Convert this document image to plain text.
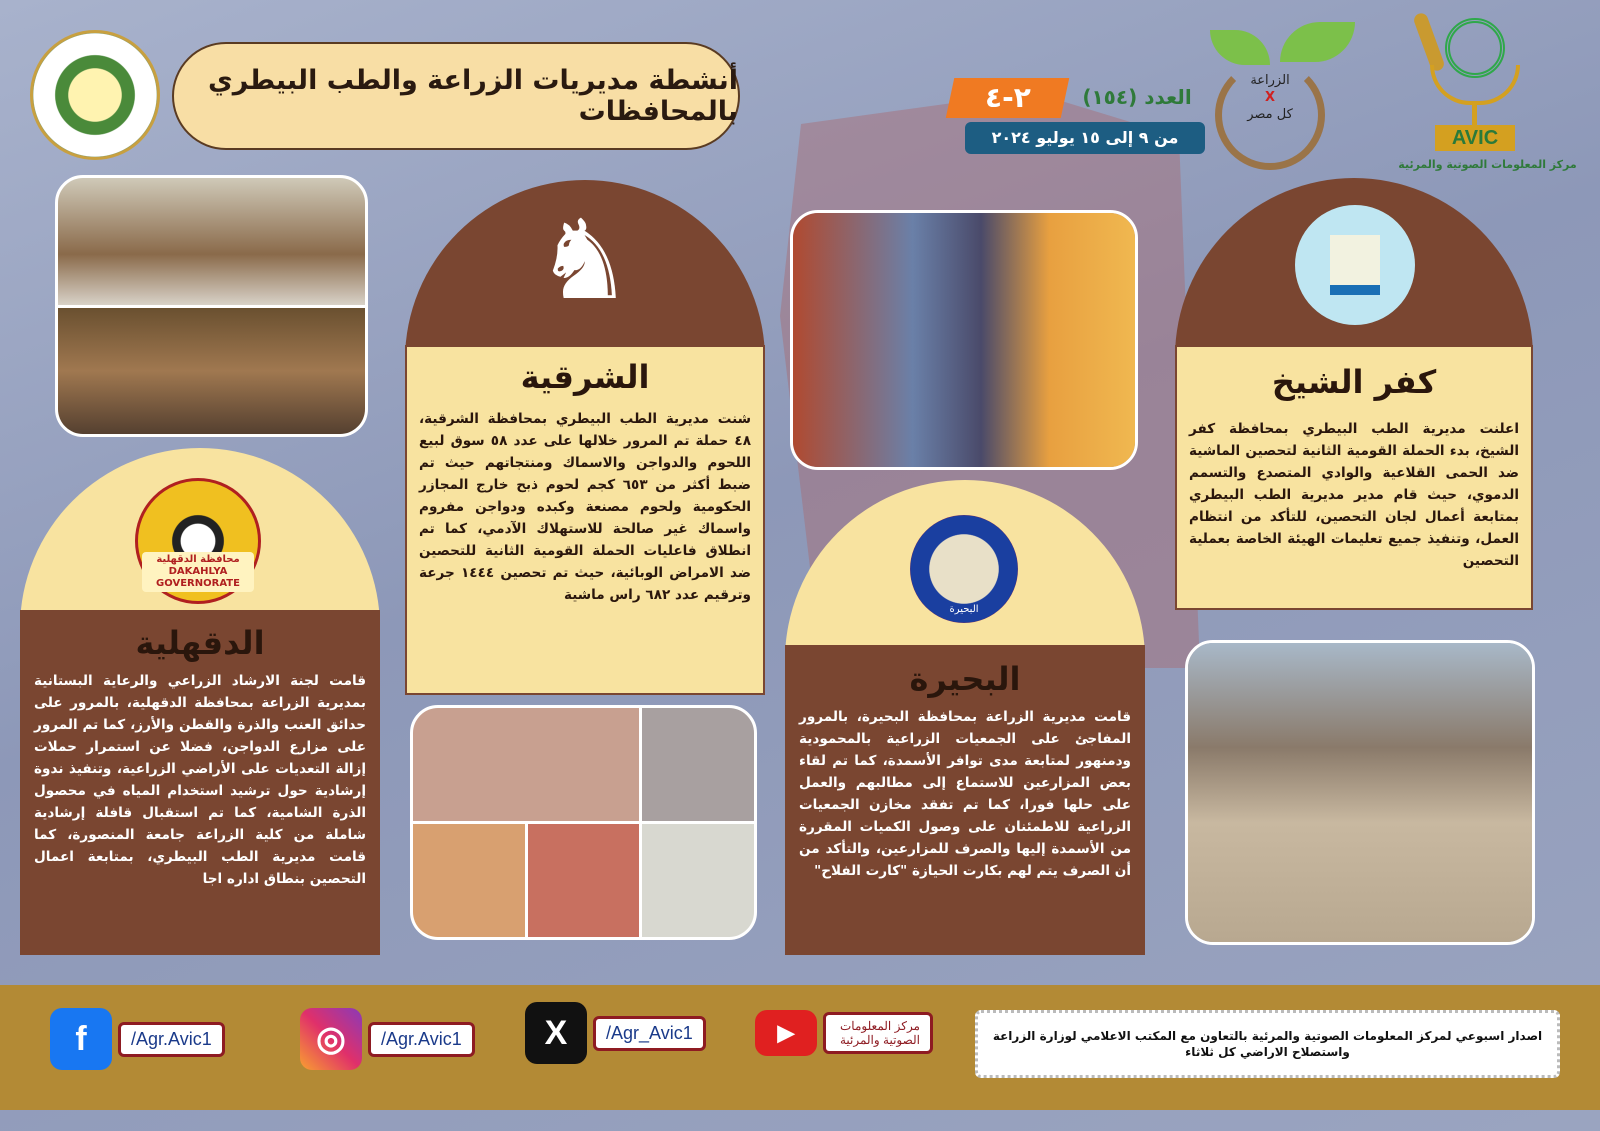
MALR
أنشطة مديريات الزراعة والطب البيطري بالمحافظات	٢-٤	العدد (١٥٤)
من ٩ إلى ١٥ يوليو ٢٠٢٤
الزراعة
X
كل مصر
AVIC
مركز المعلومات الصوتية والمرئية
كفر الشيخ
اعلنت مديرية الطب البيطري بمحافظة كفر الشيخ، بدء الحملة القومية الثانية لتحصين الماشية ضد الحمى القلاعية والوادي المتصدع والتسمم الدموي، حيث قام مدير مديرية الطب البيطري بمتابعة أعمال لجان التحصين، للتأكد من انتظام العمل، وتنفيذ جميع تعليمات الهيئة الخاصة بعملية التحصين
♞
الشرقية
شنت مديرية الطب البيطري بمحافظة الشرقية، ٤٨ حملة تم المرور خلالها على عدد ٥٨ سوق لبيع اللحوم والدواجن والاسماك ومنتجاتهم حيث تم ضبط أكثر من ٦٥٣ كجم لحوم ذبح خارج المجازر الحكومية ولحوم مصنعة وكبده ودواجن مفروم واسماك غير صالحة للاستهلاك الآدمي، كما تم انطلاق فاعليات الحملة القومية الثانية للتحصين ضد الامراض الوبائية، حيث تم تحصين ١٤٤٤ جرعة وترقيم عدد ٦٨٢ راس ماشية
محافظة الدقهلية DAKAHLYA GOVERNORATE
الدقهلية
قامت لجنة الارشاد الزراعي والرعاية البستانية بمديرية الزراعة بمحافظة الدقهلية، بالمرور على حدائق العنب والذرة والقطن والأرز، كما تم المرور على مزارع الدواجن، فضلا عن استمرار حملات إزالة التعديات على الأراضي الزراعية، وتنفيذ ندوة إرشادية حول ترشيد استخدام المياه في محصول الذرة الشامية، كما تم استقبال قافلة إرشادية شاملة من كلية الزراعة جامعة المنصورة، كما قامت مديرية الطب البيطري، بمتابعة اعمال التحصين بنطاق اداره اجا
البحيرة
البحيرة
قامت مديرية الزراعة بمحافظة البحيرة، بالمرور المفاجئ على الجمعيات الزراعية بالمحمودية ودمنهور لمتابعة مدى توافر الأسمدة، كما تم لقاء بعض المزارعين للاستماع إلى مطالبهم والعمل على حلها فورا، كما تم تفقد مخازن الجمعيات الزراعية للاطمئنان على وصول الكميات المقررة من الأسمدة إليها والصرف للمزارعين، والتأكد من أن الصرف يتم لهم بكارت الحيازة "كارت الفلاح"
f	/Agr.Avic1	◎	/Agr.Avic1	X	/Agr_Avic1	▶	مركز المعلومات الصوتية والمرئية	اصدار اسبوعي لمركز المعلومات الصوتية والمرئية بالتعاون مع المكتب الاعلامي لوزارة الزراعة واستصلاح الاراضي كل ثلاثاء
